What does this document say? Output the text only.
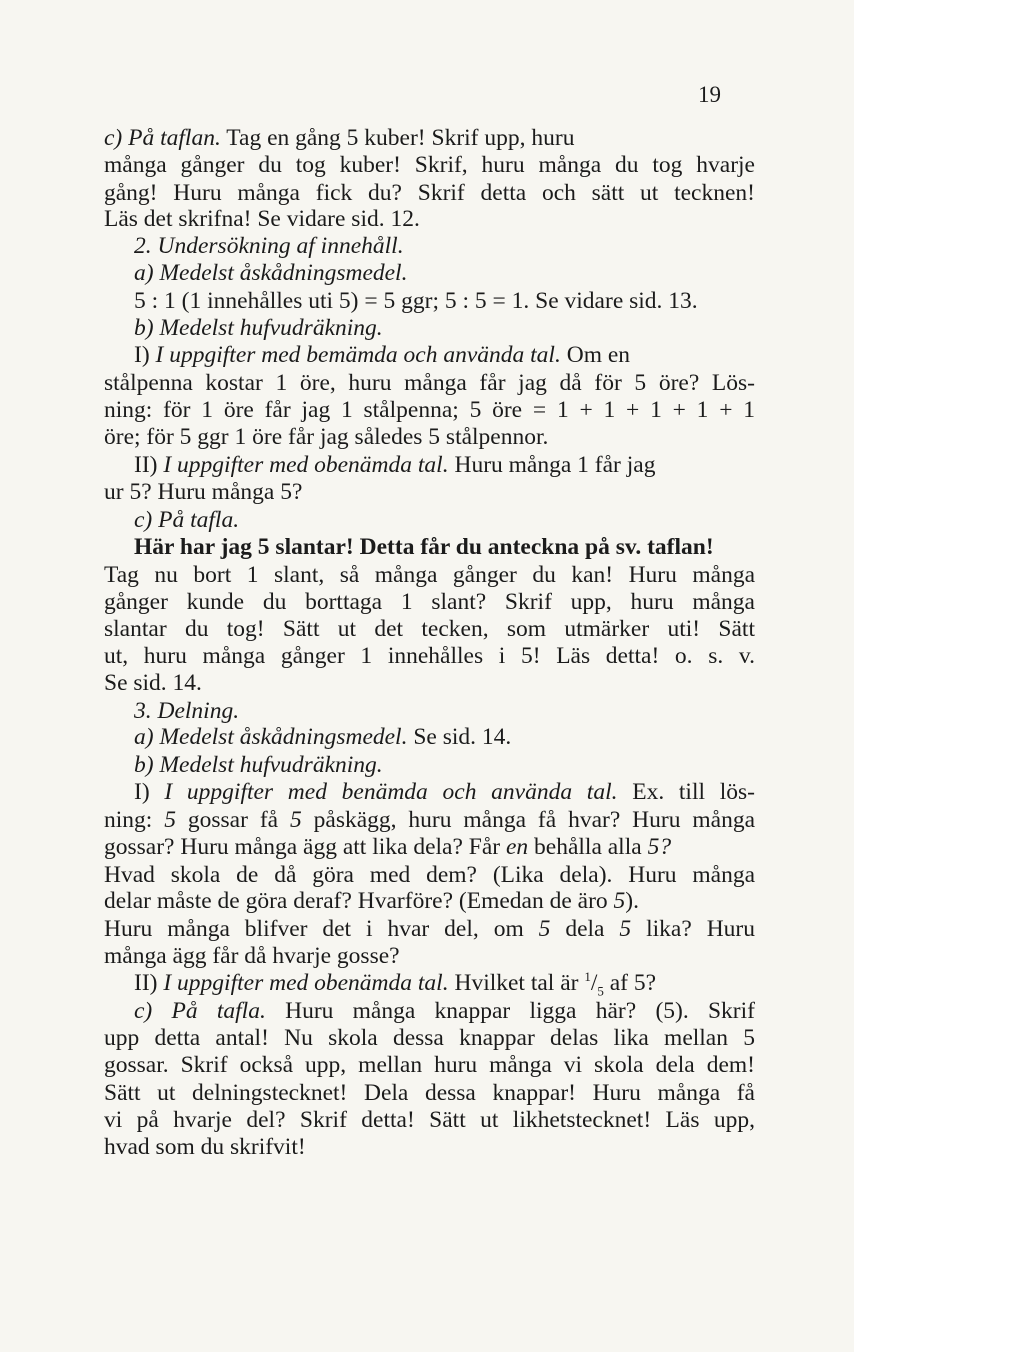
19
c) På taflan. Tag en gång 5 kuber! Skrif upp, huru
många gånger du tog kuber! Skrif, huru många du tog hvarje
gång! Huru många fick du? Skrif detta och sätt ut tecknen!
Läs det skrifna! Se vidare sid. 12.
2. Undersökning af innehåll.
a) Medelst åskådningsmedel.
5 : 1 (1 innehålles uti 5) = 5 ggr; 5 : 5 = 1. Se vidare sid. 13.
b) Medelst hufvudräkning.
I) I uppgifter med bemämda och använda tal. Om en
stålpenna kostar 1 öre, huru många får jag då för 5 öre? Lös-
ning: för 1 öre får jag 1 stålpenna; 5 öre = 1 + 1 + 1 + 1 + 1
öre; för 5 ggr 1 öre får jag således 5 stålpennor.
II) I uppgifter med obenämda tal. Huru många 1 får jag
ur 5? Huru många 5?
c) På tafla.
Här har jag 5 slantar! Detta får du anteckna på sv. taflan!
Tag nu bort 1 slant, så många gånger du kan! Huru många
gånger kunde du borttaga 1 slant? Skrif upp, huru många
slantar du tog! Sätt ut det tecken, som utmärker uti! Sätt
ut, huru många gånger 1 innehålles i 5! Läs detta! o. s. v.
Se sid. 14.
3. Delning.
a) Medelst åskådningsmedel. Se sid. 14.
b) Medelst hufvudräkning.
I) I uppgifter med benämda och använda tal. Ex. till lös-
ning: 5 gossar få 5 påskägg, huru många få hvar? Huru många
gossar? Huru många ägg att lika dela? Får en behålla alla 5?
Hvad skola de då göra med dem? (Lika dela). Huru många
delar måste de göra deraf? Hvarföre? (Emedan de äro 5).
Huru många blifver det i hvar del, om 5 dela 5 lika? Huru
många ägg får då hvarje gosse?
II) I uppgifter med obenämda tal. Hvilket tal är $^1/_5$ af 5?
c) På tafla. Huru många knappar ligga här? (5). Skrif
upp detta antal! Nu skola dessa knappar delas lika mellan 5
gossar. Skrif också upp, mellan huru många vi skola dela dem!
Sätt ut delningstecknet! Dela dessa knappar! Huru många få
vi på hvarje del? Skrif detta! Sätt ut likhetstecknet! Läs upp,
hvad som du skrifvit!
